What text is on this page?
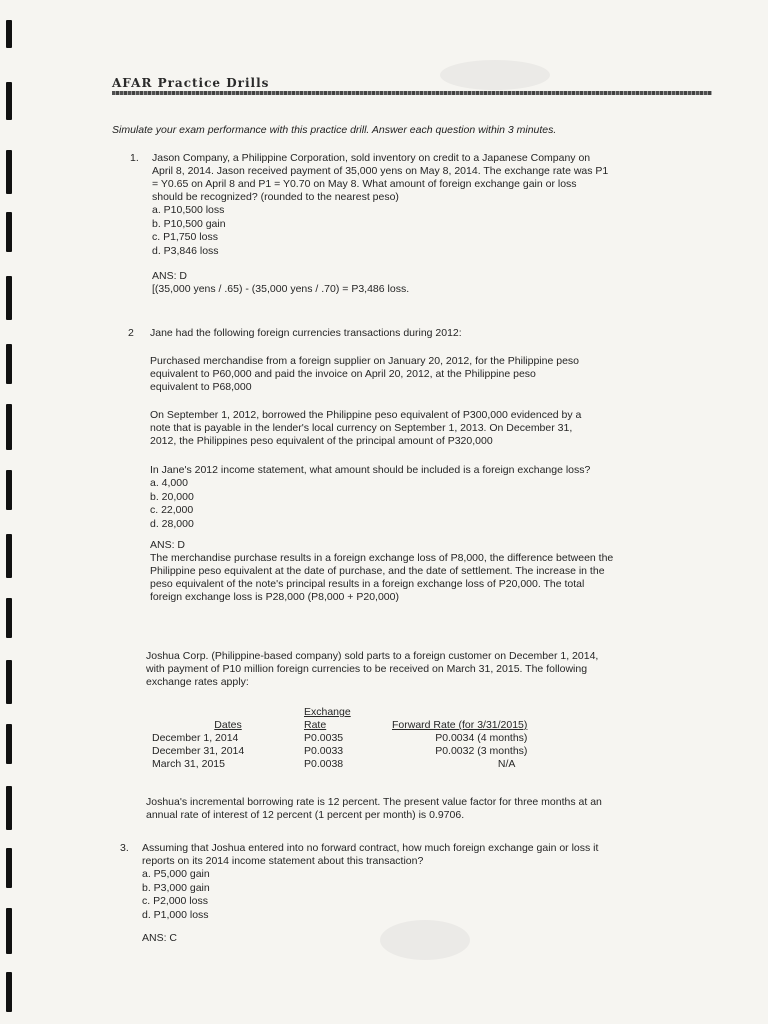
AFAR Practice Drills
Simulate your exam performance with this practice drill. Answer each question within 3 minutes.
1. Jason Company, a Philippine Corporation, sold inventory on credit to a Japanese Company on
April 8, 2014. Jason received payment of 35,000 yens on May 8, 2014. The exchange rate was P1
= Y0.65 on April 8 and P1 = Y0.70 on May 8. What amount of foreign exchange gain or loss
should be recognized? (rounded to the nearest peso)
a. P10,500 loss
b. P10,500 gain
c. P1,750 loss
d. P3,846 loss
ANS: D
[(35,000 yens / .65) - (35,000 yens / .70) = P3,486 loss.
2 Jane had the following foreign currencies transactions during 2012:
Purchased merchandise from a foreign supplier on January 20, 2012, for the Philippine peso
equivalent to P60,000 and paid the invoice on April 20, 2012, at the Philippine peso
equivalent to P68,000
On September 1, 2012, borrowed the Philippine peso equivalent of P300,000 evidenced by a
note that is payable in the lender's local currency on September 1, 2013. On December 31,
2012, the Philippines peso equivalent of the principal amount of P320,000
In Jane's 2012 income statement, what amount should be included is a foreign exchange loss?
a. 4,000
b. 20,000
c. 22,000
d. 28,000
ANS: D
The merchandise purchase results in a foreign exchange loss of P8,000, the difference between the
Philippine peso equivalent at the date of purchase, and the date of settlement. The increase in the
peso equivalent of the note's principal results in a foreign exchange loss of P20,000. The total
foreign exchange loss is P28,000 (P8,000 + P20,000)
Joshua Corp. (Philippine-based company) sold parts to a foreign customer on December 1, 2014,
with payment of P10 million foreign currencies to be received on March 31, 2015. The following
exchange rates apply:
	Exchange	
Dates	Rate	Forward Rate (for 3/31/2015)
December 1, 2014	P0.0035	P0.0034 (4 months)
December 31, 2014	P0.0033	P0.0032 (3 months)
March 31, 2015	P0.0038	N/A
Joshua's incremental borrowing rate is 12 percent. The present value factor for three months at an
annual rate of interest of 12 percent (1 percent per month) is 0.9706.
3. Assuming that Joshua entered into no forward contract, how much foreign exchange gain or loss it
reports on its 2014 income statement about this transaction?
a. P5,000 gain
b. P3,000 gain
c. P2,000 loss
d. P1,000 loss
ANS: C
